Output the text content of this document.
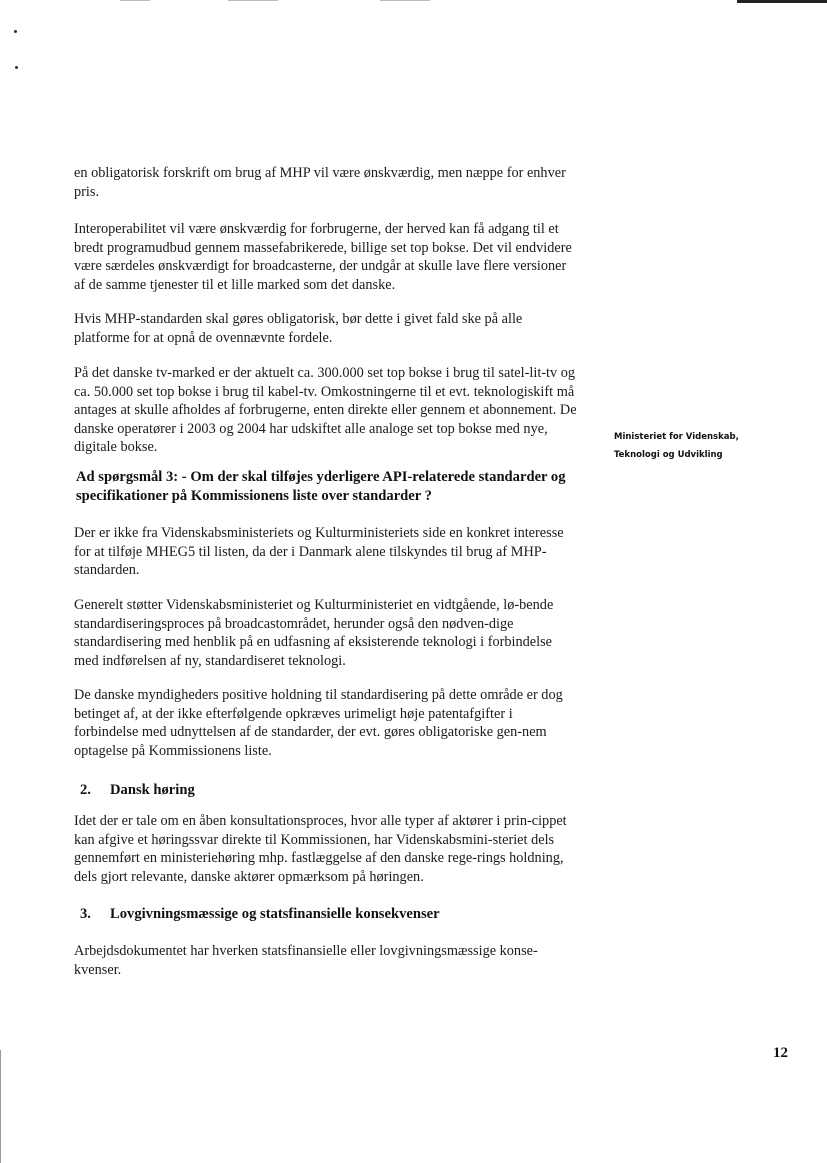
en obligatorisk forskrift om brug af MHP vil være ønskværdig, men næppe for enhver pris.

Interoperabilitet vil være ønskværdig for forbrugerne, der herved kan få adgang til et bredt programudbud gennem massefabrikerede, billige set top bokse. Det vil endvidere være særdeles ønskværdigt for broadcasterne, der undgår at skulle lave flere versioner af de samme tjenester til et lille marked som det danske.

Hvis MHP-standarden skal gøres obligatorisk, bør dette i givet fald ske på alle platforme for at opnå de ovennævnte fordele.

På det danske tv-marked er der aktuelt ca. 300.000 set top bokse i brug til satel-lit-tv og ca. 50.000 set top bokse i brug til kabel-tv. Omkostningerne til et evt. teknologiskift må antages at skulle afholdes af forbrugerne, enten direkte eller gennem et abonnement. De danske operatører i 2003 og 2004 har udskiftet alle analoge set top bokse med nye, digitale bokse.

Ad spørgsmål 3: - Om der skal tilføjes yderligere API-relaterede standarder og specifikationer på Kommissionens liste over standarder ?

Der er ikke fra Videnskabsministeriets og Kulturministeriets side en konkret interesse for at tilføje MHEG5 til listen, da der i Danmark alene tilskyndes til brug af MHP-standarden.

Generelt støtter Videnskabsministeriet og Kulturministeriet en vidtgående, lø-bende standardiseringsproces på broadcastområdet, herunder også den nødven-dige standardisering med henblik på en udfasning af eksisterende teknologi i forbindelse med indførelsen af ny, standardiseret teknologi.

De danske myndigheders positive holdning til standardisering på dette område er dog betinget af, at der ikke efterfølgende opkræves urimeligt høje patentafgifter i forbindelse med udnyttelsen af de standarder, der evt. gøres obligatoriske gen-nem optagelse på Kommissionens liste.

2. Dansk høring

Idet der er tale om en åben konsultationsproces, hvor alle typer af aktører i prin-cippet kan afgive et høringssvar direkte til Kommissionen, har Videnskabsmini-steriet dels gennemført en ministeriehøring mhp. fastlæggelse af den danske rege-rings holdning, dels gjort relevante, danske aktører opmærksom på høringen.

3. Lovgivningsmæssige og statsfinansielle konsekvenser

Arbejdsdokumentet har hverken statsfinansielle eller lovgivningsmæssige konse-kvenser.

Ministeriet for Videnskab,
Teknologi og Udvikling
12
